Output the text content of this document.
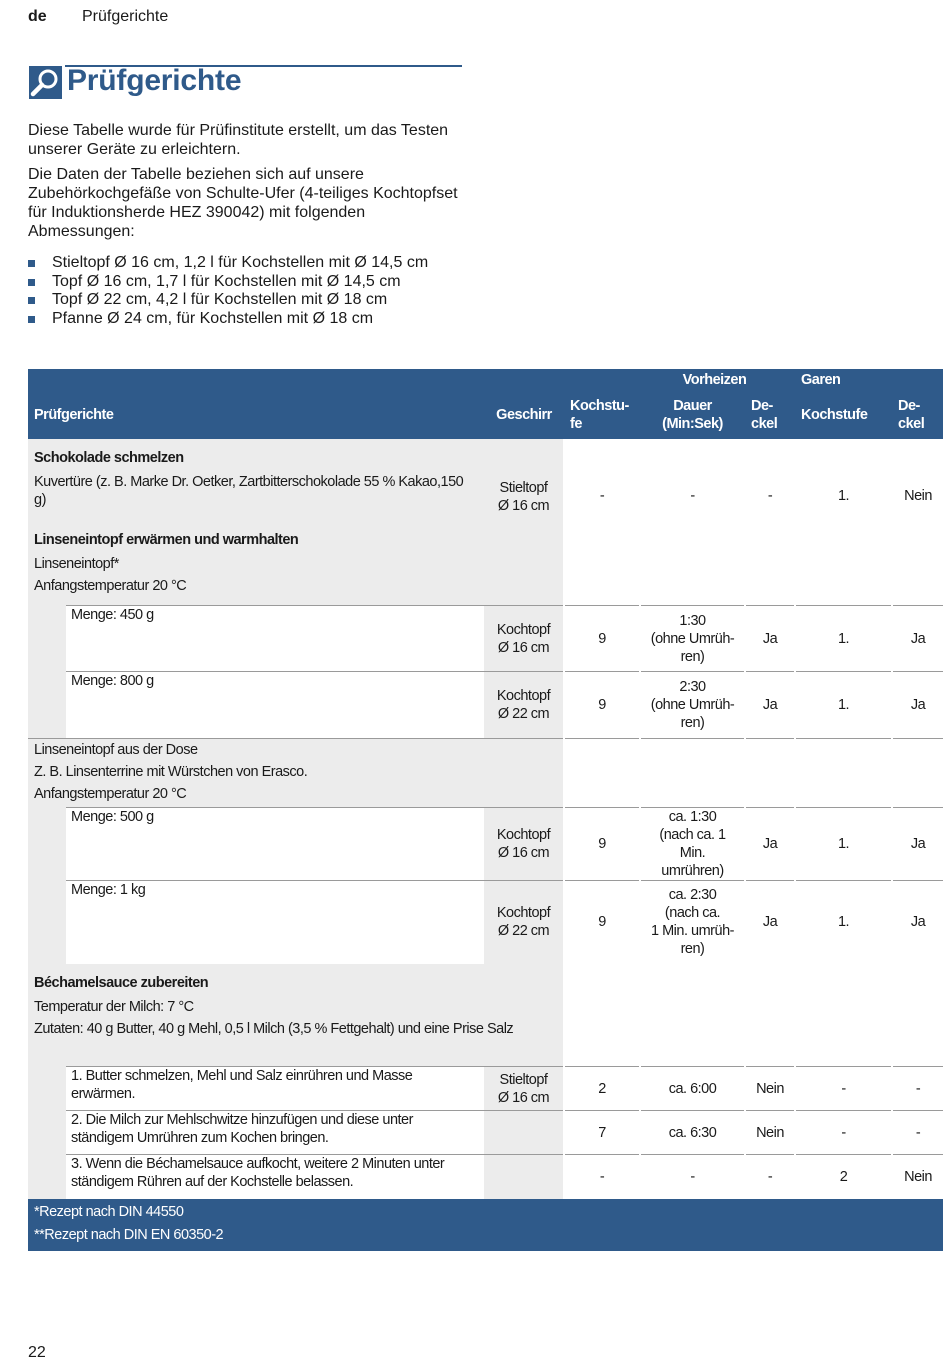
de Prüfgerichte
Prüfgerichte

Diese Tabelle wurde für Prüfinstitute erstellt, um das Testen unserer Geräte zu erleichtern.

Die Daten der Tabelle beziehen sich auf unsere Zubehörkochgefäße von Schulte-Ufer (4-teiliges Kochtopfset für Induktionsherde HEZ 390042) mit folgenden Abmessungen:

Stieltopf Ø 16 cm, 1,2 l für Kochstellen mit Ø 14,5 cm
Topf Ø 16 cm, 1,7 l für Kochstellen mit Ø 14,5 cm
Topf Ø 22 cm, 4,2 l für Kochstellen mit Ø 18 cm
Pfanne Ø 24 cm, für Kochstellen mit Ø 18 cm
				Vorheizen		Garen	
Prüfgerichte		Geschirr	Kochstu-
fe	Dauer
(Min:Sek)	De-
ckel	Kochstufe	De-
ckel

Schokolade schmelzen
Kuvertüre (z. B. Marke Dr. Oetker, Zartbitterschokolade 55 % Kakao,150 g)		Stieltopf
Ø 16 cm	-	-	-	1.	Nein

Linseneintopf erwärmen und warmhalten
Linseneintopf*
Anfangstemperatur 20 °C							

	Menge: 450 g	Kochtopf
Ø 16 cm	9	1:30
(ohne Umrüh-
ren)	Ja	1.	Ja
	Menge: 800 g	Kochtopf
Ø 22 cm	9	2:30
(ohne Umrüh-
ren)	Ja	1.	Ja

Linseneintopf aus der Dose
Z. B. Linsenterrine mit Würstchen von Erasco.
Anfangstemperatur 20 °C							

	Menge: 500 g	Kochtopf
Ø 16 cm	9	ca. 1:30
(nach ca. 1
Min. umrühren)	Ja	1.	Ja
	Menge: 1 kg	Kochtopf
Ø 22 cm	9	ca. 2:30
(nach ca.
1 Min. umrüh-
ren)	Ja	1.	Ja

Béchamelsauce zubereiten
Temperatur der Milch: 7 °C
Zutaten: 40 g Butter, 40 g Mehl, 0,5 l Milch (3,5 % Fettgehalt) und eine Prise Salz							

	1. Butter schmelzen, Mehl und Salz einrühren und Masse erwärmen.	Stieltopf
Ø 16 cm	2	ca. 6:00	Nein	-	-
	2. Die Milch zur Mehlschwitze hinzufügen und diese unter ständigem Umrühren zum Kochen bringen.		7	ca. 6:30	Nein	-	-
	3. Wenn die Béchamelsauce aufkocht, weitere 2 Minuten unter ständigem Rühren auf der Kochstelle belassen.		-	-	-	2	Nein

*Rezept nach DIN 44550
**Rezept nach DIN EN 60350-2							
22
